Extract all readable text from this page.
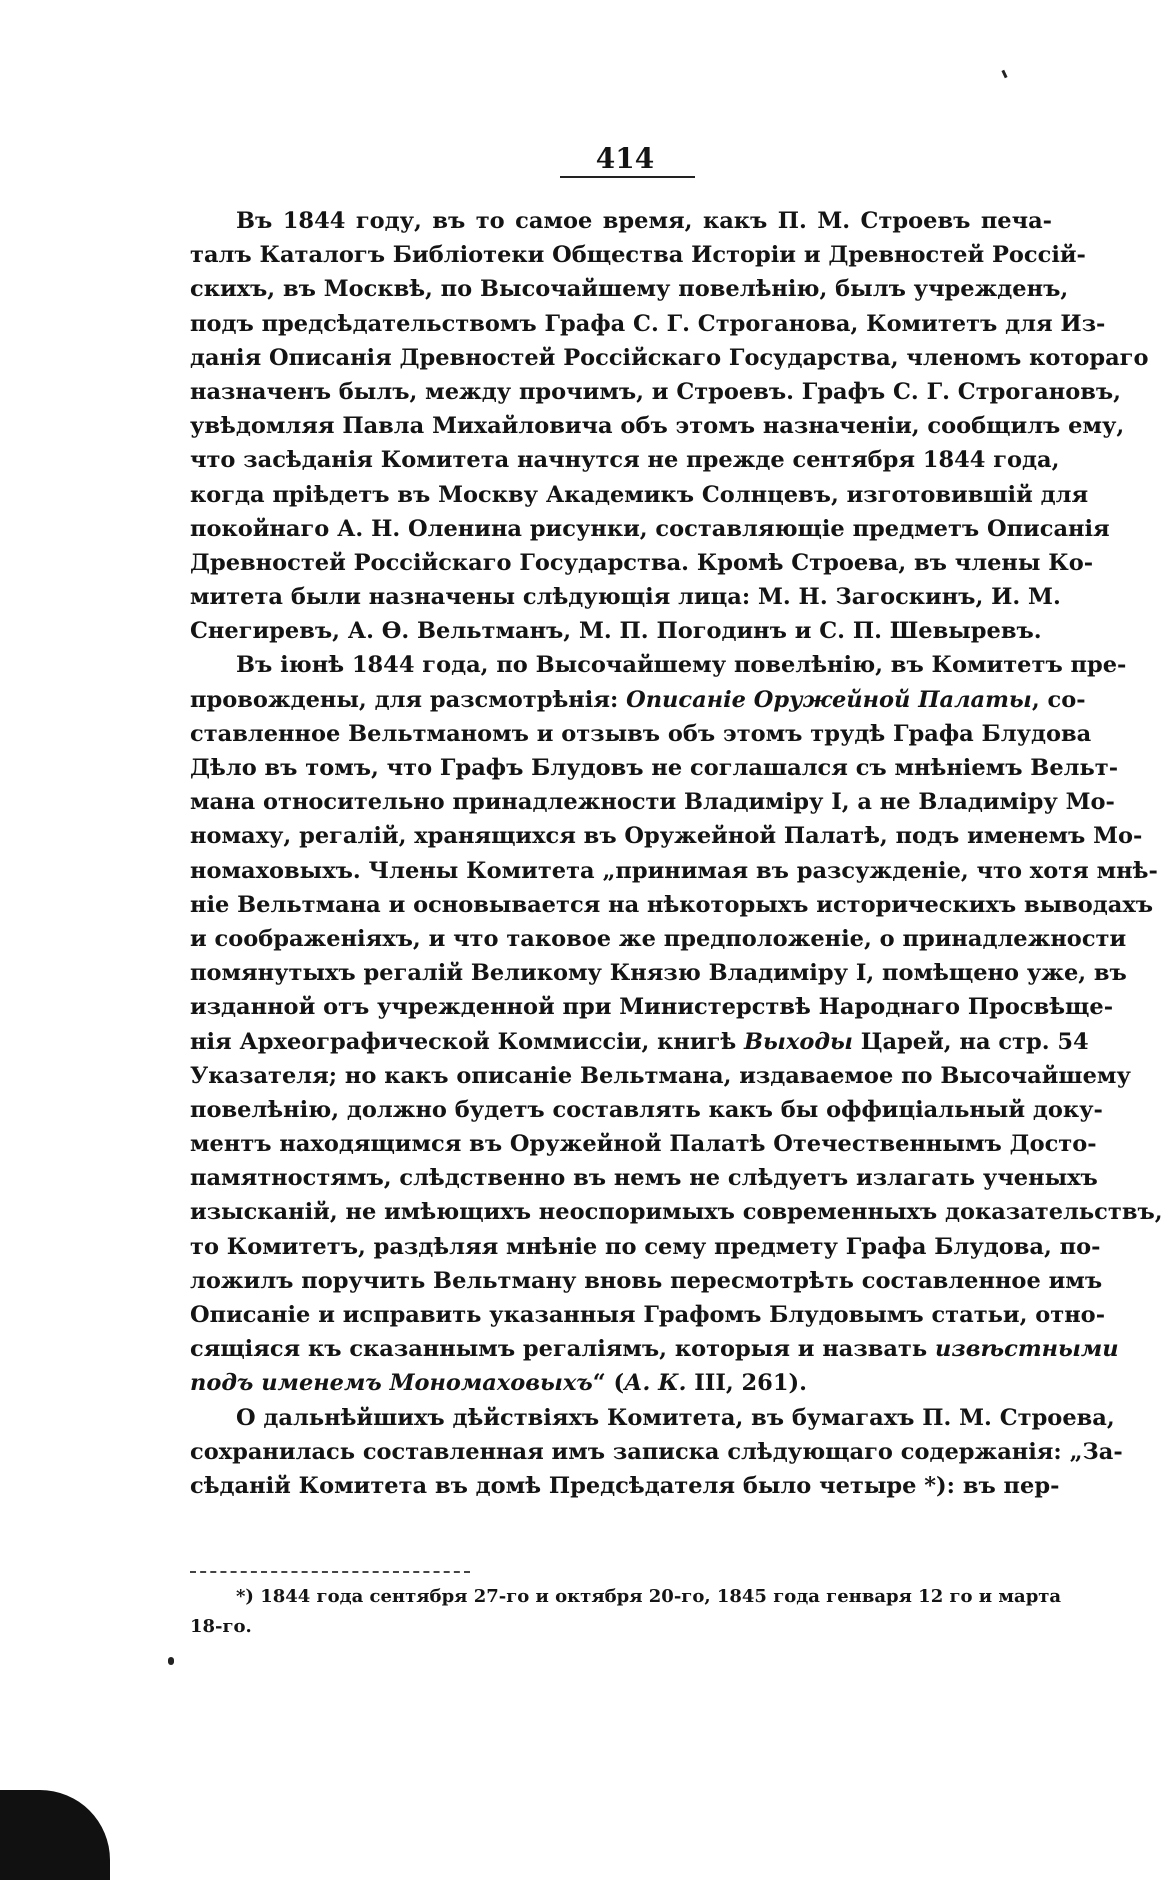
414
Въ 1844 году, въ то самое время, какъ П. М. Строевъ печа-
талъ Каталогъ Библіотеки Общества Исторіи и Древностей Россій-
скихъ, въ Москвѣ, по Высочайшему повелѣнію, былъ учрежденъ,
подъ предсѣдательствомъ Графа С. Г. Строганова, Комитетъ для Из-
данія Описанія Древностей Россійскаго Государства, членомъ котораго
назначенъ былъ, между прочимъ, и Строевъ. Графъ С. Г. Строгановъ,
увѣдомляя Павла Михайловича объ этомъ назначеніи, сообщилъ ему,
что засѣданія Комитета начнутся не прежде сентября 1844 года,
когда пріѣдетъ въ Москву Академикъ Солнцевъ, изготовившій для
покойнаго А. Н. Оленина рисунки, составляющіе предметъ Описанія
Древностей Россійскаго Государства. Кромѣ Строева, въ члены Ко-
митета были назначены слѣдующія лица: М. Н. Загоскинъ, И. М.
Снегиревъ, А. Ѳ. Вельтманъ, М. П. Погодинъ и С. П. Шевыревъ.
Въ іюнѣ 1844 года, по Высочайшему повелѣнію, въ Комитетъ пре-
провождены, для разсмотрѣнія: Описаніе Оружейной Палаты, со-
ставленное Вельтманомъ и отзывъ объ этомъ трудѣ Графа Блудова
Дѣло въ томъ, что Графъ Блудовъ не соглашался съ мнѣніемъ Вельт-
мана относительно принадлежности Владиміру I, а не Владиміру Мо-
номаху, регалій, хранящихся въ Оружейной Палатѣ, подъ именемъ Мо-
номаховыхъ. Члены Комитета „принимая въ разсужденіе, что хотя мнѣ-
ніе Вельтмана и основывается на нѣкоторыхъ историческихъ выводахъ
и соображеніяхъ, и что таковое же предположеніе, о принадлежности
помянутыхъ регалій Великому Князю Владиміру I, помѣщено уже, въ
изданной отъ учрежденной при Министерствѣ Народнаго Просвѣще-
нія Археографической Коммиссіи, книгѣ Выходы Царей, на стр. 54
Указателя; но какъ описаніе Вельтмана, издаваемое по Высочайшему
повелѣнію, должно будетъ составлять какъ бы оффиціальный доку-
ментъ находящимся въ Оружейной Палатѣ Отечественнымъ Досто-
памятностямъ, слѣдственно въ немъ не слѣдуетъ излагать ученыхъ
изысканій, не имѣющихъ неоспоримыхъ современныхъ доказательствъ,
то Комитетъ, раздѣляя мнѣніе по сему предмету Графа Блудова, по-
ложилъ поручить Вельтману вновь пересмотрѣть составленное имъ
Описаніе и исправить указанныя Графомъ Блудовымъ статьи, отно-
сящіяся къ сказаннымъ регаліямъ, которыя и назвать извѣстными
подъ именемъ Мономаховыхъ“ (А. К. III, 261).
О дальнѣйшихъ дѣйствіяхъ Комитета, въ бумагахъ П. М. Строева,
сохранилась составленная имъ записка слѣдующаго содержанія: „За-
сѣданій Комитета въ домѣ Предсѣдателя было четыре *): въ пер-
*) 1844 года сентября 27-го и октября 20-го, 1845 года генваря 12 го и марта
18-го.
